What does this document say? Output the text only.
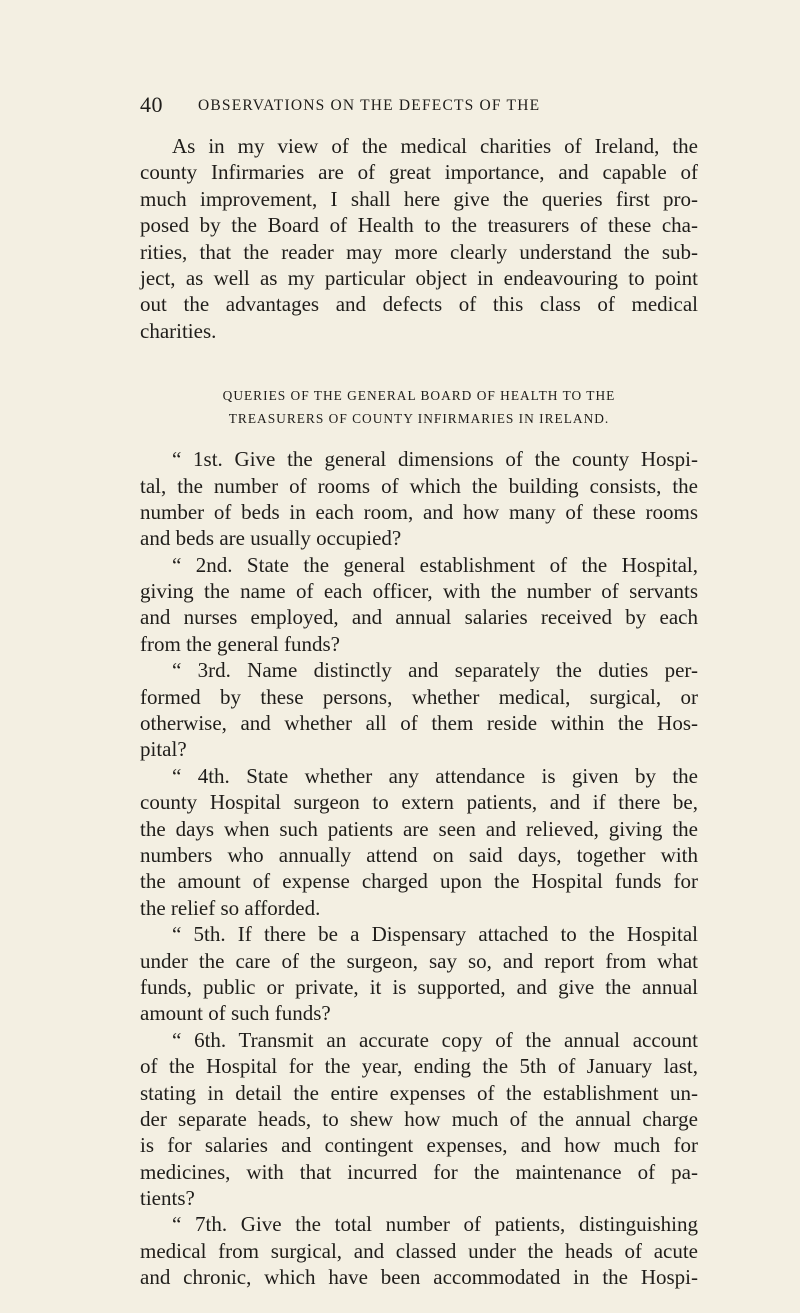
40 OBSERVATIONS ON THE DEFECTS OF THE
As in my view of the medical charities of Ireland, the
county Infirmaries are of great importance, and capable of
much improvement, I shall here give the queries first pro-
posed by the Board of Health to the treasurers of these cha-
rities, that the reader may more clearly understand the sub-
ject, as well as my particular object in endeavouring to point
out the advantages and defects of this class of medical
charities.
QUERIES OF THE GENERAL BOARD OF HEALTH TO THE
TREASURERS OF COUNTY INFIRMARIES IN IRELAND.
“ 1st. Give the general dimensions of the county Hospi-
tal, the number of rooms of which the building consists, the
number of beds in each room, and how many of these rooms
and beds are usually occupied?
“ 2nd. State the general establishment of the Hospital,
giving the name of each officer, with the number of servants
and nurses employed, and annual salaries received by each
from the general funds?
“ 3rd. Name distinctly and separately the duties per-
formed by these persons, whether medical, surgical, or
otherwise, and whether all of them reside within the Hos-
pital?
“ 4th. State whether any attendance is given by the
county Hospital surgeon to extern patients, and if there be,
the days when such patients are seen and relieved, giving the
numbers who annually attend on said days, together with
the amount of expense charged upon the Hospital funds for
the relief so afforded.
“ 5th. If there be a Dispensary attached to the Hospital
under the care of the surgeon, say so, and report from what
funds, public or private, it is supported, and give the annual
amount of such funds?
“ 6th. Transmit an accurate copy of the annual account
of the Hospital for the year, ending the 5th of January last,
stating in detail the entire expenses of the establishment un-
der separate heads, to shew how much of the annual charge
is for salaries and contingent expenses, and how much for
medicines, with that incurred for the maintenance of pa-
tients?
“ 7th. Give the total number of patients, distinguishing
medical from surgical, and classed under the heads of acute
and chronic, which have been accommodated in the Hospi-
